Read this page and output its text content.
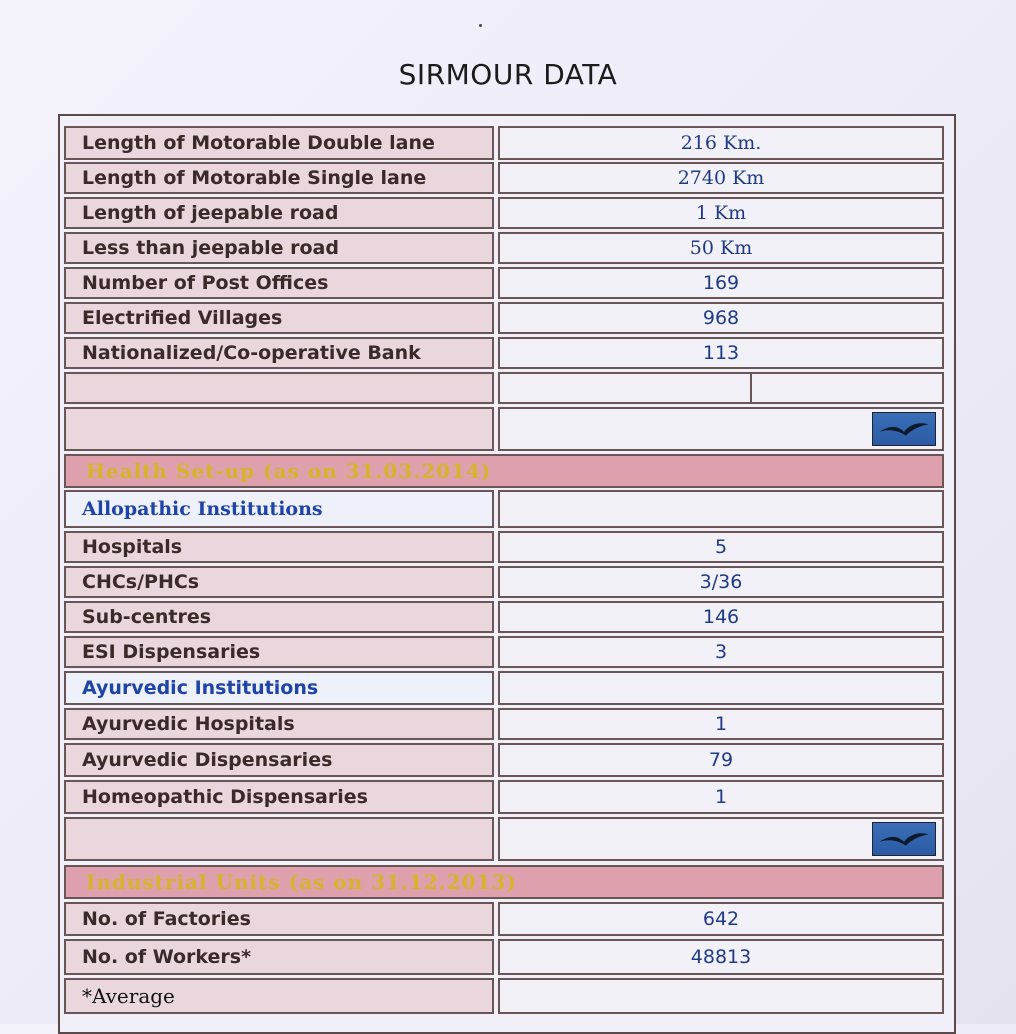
SIRMOUR DATA
Length of Motorable Double lane	216 Km.
Length of Motorable Single lane	2740 Km
Length of jeepable road	1 Km
Less than jeepable road	50 Km
Number of Post Offices	169
Electrified Villages	968
Nationalized/Co-operative Bank	113
Health Set-up (as on 31.03.2014)
Allopathic Institutions
Hospitals	5
CHCs/PHCs	3/36
Sub-centres	146
ESI Dispensaries	3
Ayurvedic Institutions
Ayurvedic Hospitals	1
Ayurvedic Dispensaries	79
Homeopathic Dispensaries	1
Industrial Units (as on 31.12.2013)
No. of Factories	642
No. of Workers*	48813
*Average
